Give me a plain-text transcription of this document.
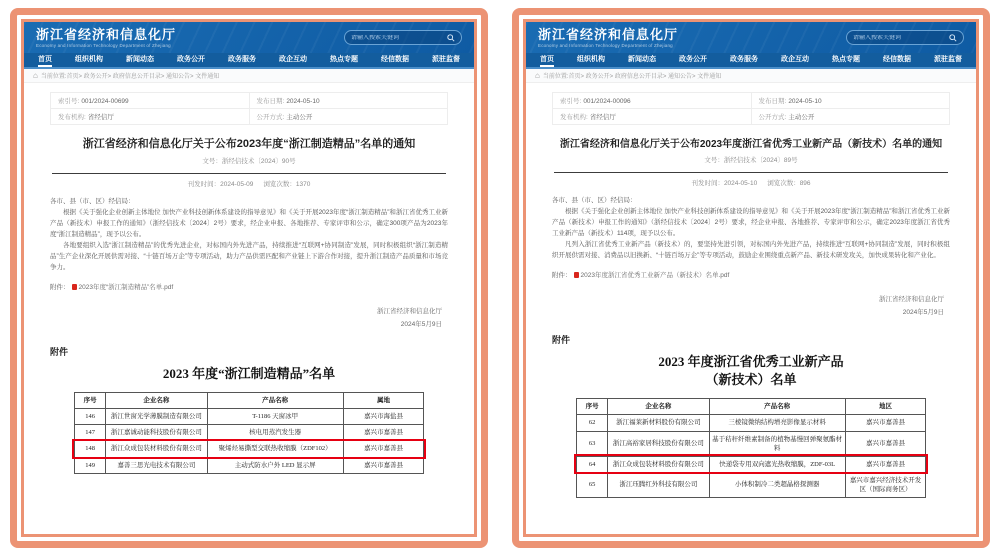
浙江省经济和信息化厅
Economy and Information Technology Department of Zhejiang
请输入搜索关键词
首页	组织机构	新闻动态	政务公开	政务服务	政企互动	热点专题	经信数据	派驻监督
⌂ 当前位置:首页> 政务公开> 政府信息公开目录> 通知公告> 文件通知
索引号: 001/2024-00699	发布日期: 2024-05-10
发布机构: 省经信厅	公开方式: 主动公开
浙江省经济和信息化厅关于公布2023年度“浙江制造精品”名单的通知
文号：浙经信技术〔2024〕90号
刊发时间：2024-05-09 浏览次数：1370

各市、县（市、区）经信局：

根据《关于强化企业创新主体地位 加快产业科技创新体系建设的指导意见》和《关于开展2023年度“浙江制造精品”和浙江省优秀工业新产品（新技术）申报工作的通知》（浙经信技术〔2024〕2号）要求，经企业申报、各地推荐、专家评审和公示，确定300项产品为2023年度“浙江制造精品”，现予以公布。

各地要组织入选“浙江制造精品”的优秀先进企业，对标国内外先进产品，持续推进“互联网+协同制造”发展，同时积极组织“浙江制造精品”生产企业深化开展供需对接、“十链百场万企”等专项活动，助力产品供需匹配和产业链上下游合作对接，提升浙江制造产品质量和市场竞争力。

附件： 2023年度“浙江制造精品”名单.pdf
浙江省经济和信息化厅
2024年5月9日
附件
2023 年度“浙江制造精品”名单
序号	企业名称	产品名称	属地
146	浙江世窗光学薄膜制造有限公司	T-1186 天窗冰甲	嘉兴市海盐县
147	浙江嘉诚动能科技股份有限公司	核电用蒸汽发生器	嘉兴市嘉善县
148	浙江众成包装材料股份有限公司	聚烯烃易撕型交联热收缩膜（ZDF102）	嘉兴市嘉善县
149	嘉善三思光电技术有限公司	主动式防水户外 LED 显示屏	嘉兴市嘉善县
浙江省经济和信息化厅
Economy and Information Technology Department of Zhejiang
请输入搜索关键词
首页	组织机构	新闻动态	政务公开	政务服务	政企互动	热点专题	经信数据	派驻监督
⌂ 当前位置:首页> 政务公开> 政府信息公开目录> 通知公告> 文件通知
索引号: 001/2024-00096	发布日期: 2024-05-10
发布机构: 省经信厅	公开方式: 主动公开
浙江省经济和信息化厅关于公布2023年度浙江省优秀工业新产品（新技术）名单的通知
文号：浙经信技术〔2024〕89号
刊发时间：2024-05-10 浏览次数：896

各市、县（市、区）经信局：

根据《关于强化企业创新主体地位 加快产业科技创新体系建设的指导意见》和《关于开展2023年度“浙江制造精品”和浙江省优秀工业新产品（新技术）申报工作的通知》（浙经信技术〔2024〕2号）要求，经企业申报、各地推荐、专家评审和公示，确定2023年度浙江省优秀工业新产品（新技术）114项，现予以公布。

凡列入浙江省优秀工业新产品（新技术）的，要坚持先进引领，对标国内外先进产品，持续推进“互联网+协同制造”发展，同时积极组织开展供需对接、消费品以旧换新、“十链百场万企”等专项活动，鼓励企业围绕重点新产品、新技术研发攻关，加快成果转化和产业化。

附件： 2023年度浙江省优秀工业新产品（新技术）名单.pdf
浙江省经济和信息化厅
2024年5月9日
附件
2023 年度浙江省优秀工业新产品
（新技术）名单
序号	企业名称	产品名称	地区
62	浙江福莱新材料股份有限公司	三棱镜微纳结构增亮影像显示材料	嘉兴市嘉善县
63	浙江高裕家居科技股份有限公司	基于秸秆纤维素制备的植物基慢回弹聚氨酯材料	嘉兴市嘉善县
64	浙江众成包装材料股份有限公司	快递袋专用双向遮光热收缩膜，ZDF-03L	嘉兴市嘉善县
65	浙江珏腾红外科技有限公司	小体积制冷二类超晶格探测器	嘉兴市嘉兴经济技术开发区（国际商务区）
